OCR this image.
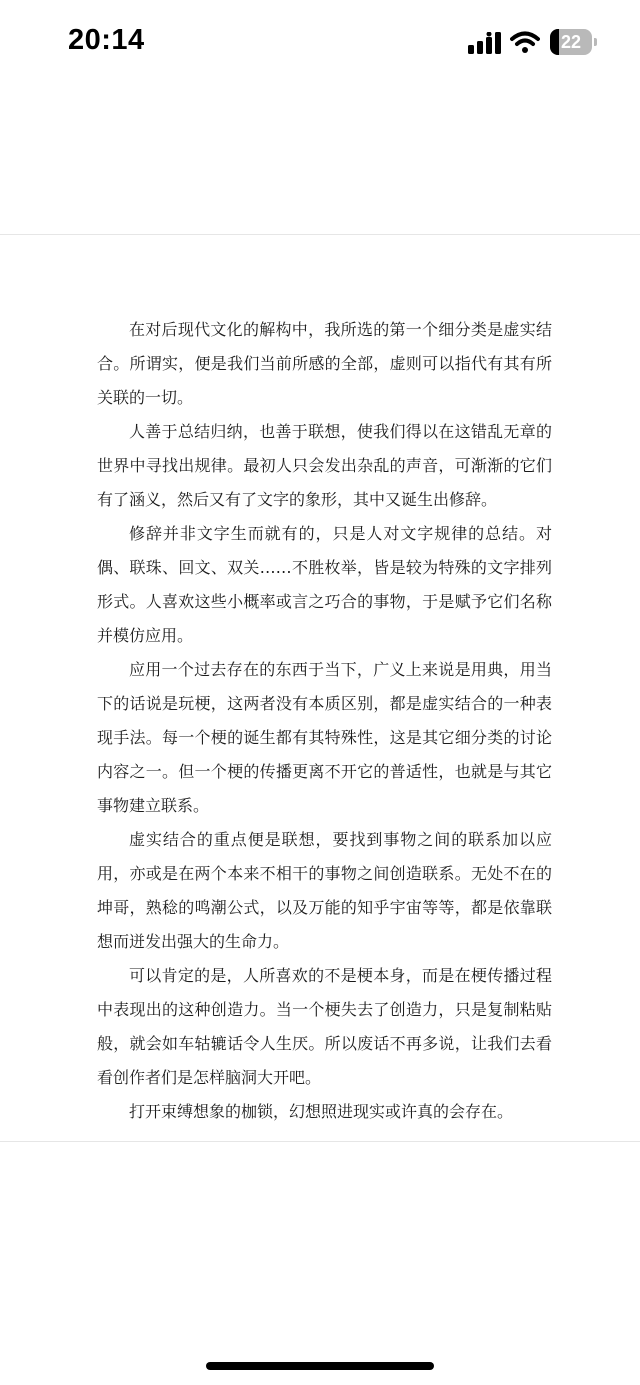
20:14	22

在对后现代文化的解构中，我所选的第一个细分类是虚实结合。所谓实，便是我们当前所感的全部，虚则可以指代有其有所关联的一切。

人善于总结归纳，也善于联想，使我们得以在这错乱无章的世界中寻找出规律。最初人只会发出杂乱的声音，可渐渐的它们有了涵义，然后又有了文字的象形，其中又诞生出修辞。

修辞并非文字生而就有的，只是人对文字规律的总结。对偶、联珠、回文、双关……不胜枚举，皆是较为特殊的文字排列形式。人喜欢这些小概率或言之巧合的事物，于是赋予它们名称并模仿应用。

应用一个过去存在的东西于当下，广义上来说是用典，用当下的话说是玩梗，这两者没有本质区别，都是虚实结合的一种表现手法。每一个梗的诞生都有其特殊性，这是其它细分类的讨论内容之一。但一个梗的传播更离不开它的普适性，也就是与其它事物建立联系。

虚实结合的重点便是联想，要找到事物之间的联系加以应用，亦或是在两个本来不相干的事物之间创造联系。无处不在的坤哥，熟稔的鸣潮公式，以及万能的知乎宇宙等等，都是依靠联想而迸发出强大的生命力。

可以肯定的是，人所喜欢的不是梗本身，而是在梗传播过程中表现出的这种创造力。当一个梗失去了创造力，只是复制粘贴般，就会如车轱辘话令人生厌。所以废话不再多说，让我们去看看创作者们是怎样脑洞大开吧。

打开束缚想象的枷锁，幻想照进现实或许真的会存在。
